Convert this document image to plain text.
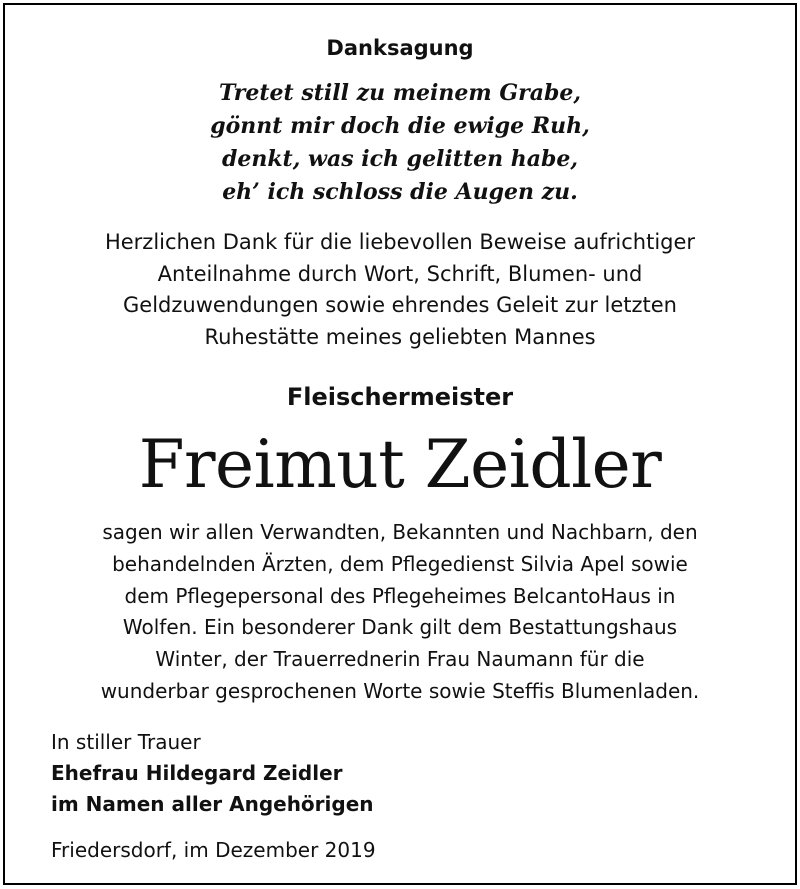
Danksagung
Tretet still zu meinem Grabe,
gönnt mir doch die ewige Ruh,
denkt, was ich gelitten habe,
eh’ ich schloss die Augen zu.
Herzlichen Dank für die liebevollen Beweise aufrichtiger
Anteilnahme durch Wort, Schrift, Blumen- und
Geldzuwendungen sowie ehrendes Geleit zur letzten
Ruhestätte meines geliebten Mannes
Fleischermeister
Freimut Zeidler
sagen wir allen Verwandten, Bekannten und Nachbarn, den
behandelnden Ärzten, dem Pflegedienst Silvia Apel sowie
dem Pflegepersonal des Pflegeheimes BelcantoHaus in
Wolfen. Ein besonderer Dank gilt dem Bestattungshaus
Winter, der Trauerrednerin Frau Naumann für die
wunderbar gesprochenen Worte sowie Steffis Blumenladen.
In stiller Trauer
Ehefrau Hildegard Zeidler
im Namen aller Angehörigen
Friedersdorf, im Dezember 2019
